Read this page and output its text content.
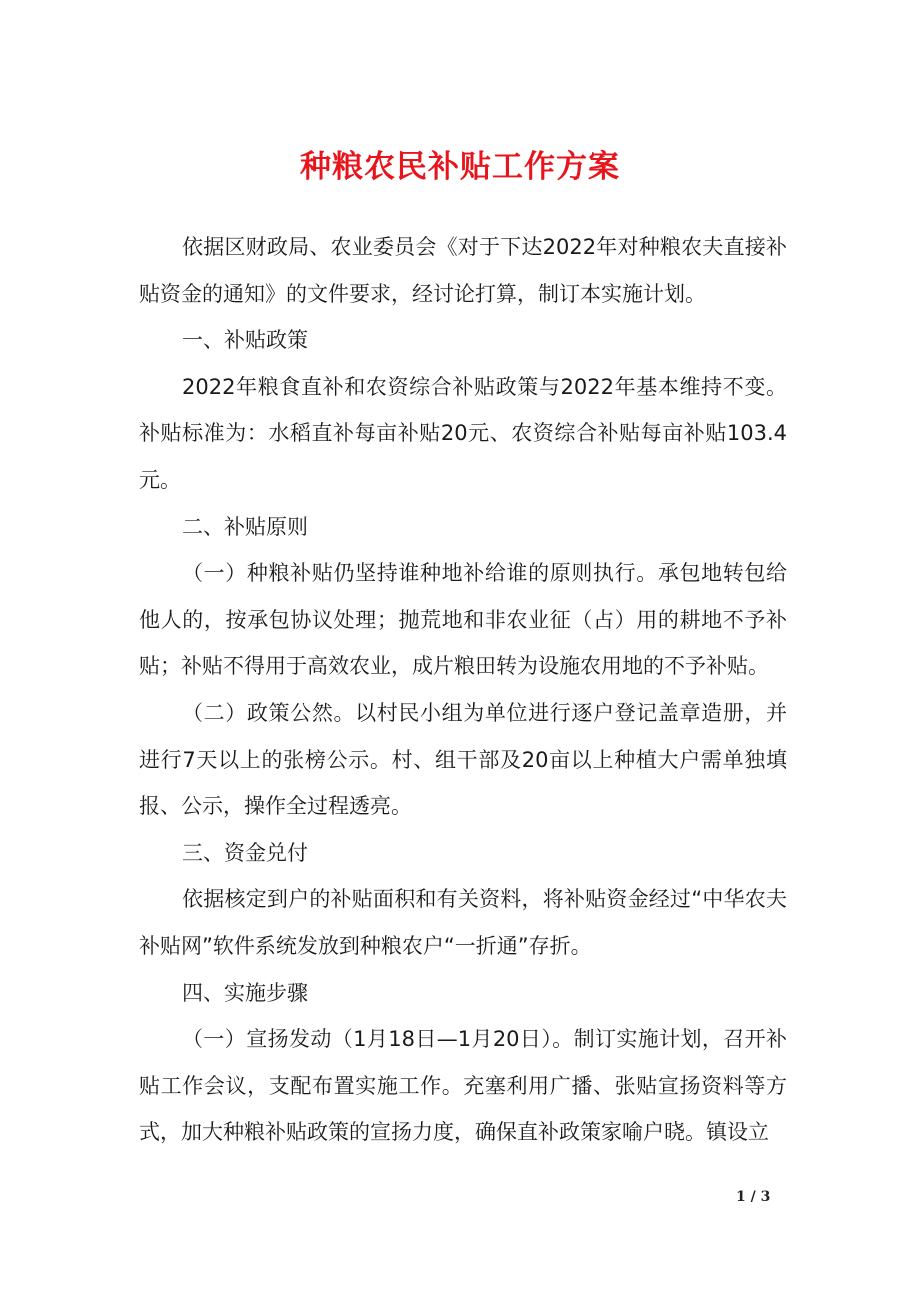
种粮农民补贴工作方案

依据区财政局、农业委员会《对于下达2022年对种粮农夫直接补贴资金的通知》的文件要求，经讨论打算，制订本实施计划。

一、补贴政策

2022年粮食直补和农资综合补贴政策与2022年基本维持不变。补贴标准为：水稻直补每亩补贴20元、农资综合补贴每亩补贴103.4元。

二、补贴原则

（一）种粮补贴仍坚持谁种地补给谁的原则执行。承包地转包给他人的，按承包协议处理；抛荒地和非农业征（占）用的耕地不予补贴；补贴不得用于高效农业，成片粮田转为设施农用地的不予补贴。

（二）政策公然。以村民小组为单位进行逐户登记盖章造册，并进行7天以上的张榜公示。村、组干部及20亩以上种植大户需单独填报、公示，操作全过程透亮。

三、资金兑付

依据核定到户的补贴面积和有关资料，将补贴资金经过“中华农夫补贴网”软件系统发放到种粮农户“一折通”存折。

四、实施步骤

（一）宣扬发动（1月18日—1月20日）。制订实施计划，召开补贴工作会议，支配布置实施工作。充塞利用广播、张贴宣扬资料等方式，加大种粮补贴政策的宣扬力度，确保直补政策家喻户晓。镇设立

1 / 3
